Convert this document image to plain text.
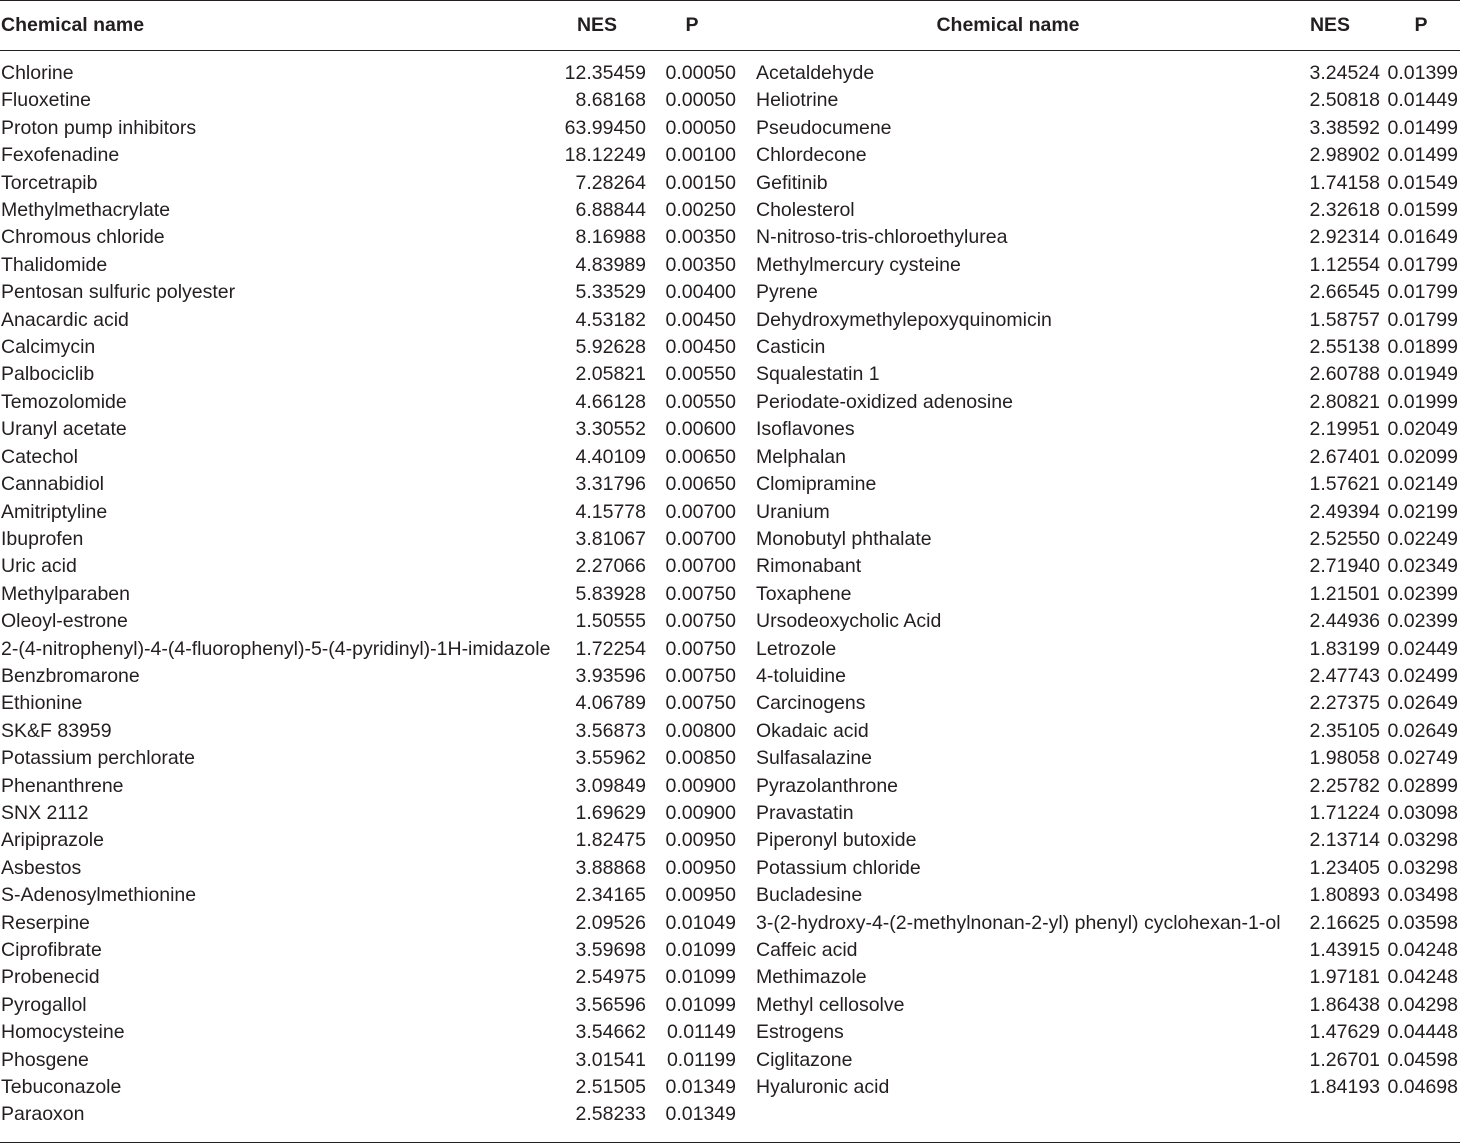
Chemical name	NES	P	Chemical name	NES	P
Chlorine	12.35459	0.00050	Acetaldehyde	3.24524	0.01399
Fluoxetine	8.68168	0.00050	Heliotrine	2.50818	0.01449
Proton pump inhibitors	63.99450	0.00050	Pseudocumene	3.38592	0.01499
Fexofenadine	18.12249	0.00100	Chlordecone	2.98902	0.01499
Torcetrapib	7.28264	0.00150	Gefitinib	1.74158	0.01549
Methylmethacrylate	6.88844	0.00250	Cholesterol	2.32618	0.01599
Chromous chloride	8.16988	0.00350	N-nitroso-tris-chloroethylurea	2.92314	0.01649
Thalidomide	4.83989	0.00350	Methylmercury cysteine	1.12554	0.01799
Pentosan sulfuric polyester	5.33529	0.00400	Pyrene	2.66545	0.01799
Anacardic acid	4.53182	0.00450	Dehydroxymethylepoxyquinomicin	1.58757	0.01799
Calcimycin	5.92628	0.00450	Casticin	2.55138	0.01899
Palbociclib	2.05821	0.00550	Squalestatin 1	2.60788	0.01949
Temozolomide	4.66128	0.00550	Periodate-oxidized adenosine	2.80821	0.01999
Uranyl acetate	3.30552	0.00600	Isoflavones	2.19951	0.02049
Catechol	4.40109	0.00650	Melphalan	2.67401	0.02099
Cannabidiol	3.31796	0.00650	Clomipramine	1.57621	0.02149
Amitriptyline	4.15778	0.00700	Uranium	2.49394	0.02199
Ibuprofen	3.81067	0.00700	Monobutyl phthalate	2.52550	0.02249
Uric acid	2.27066	0.00700	Rimonabant	2.71940	0.02349
Methylparaben	5.83928	0.00750	Toxaphene	1.21501	0.02399
Oleoyl-estrone	1.50555	0.00750	Ursodeoxycholic Acid	2.44936	0.02399
2-(4-nitrophenyl)-4-(4-fluorophenyl)-5-(4-pyridinyl)-1H-imidazole	1.72254	0.00750	Letrozole	1.83199	0.02449
Benzbromarone	3.93596	0.00750	4-toluidine	2.47743	0.02499
Ethionine	4.06789	0.00750	Carcinogens	2.27375	0.02649
SK&F 83959	3.56873	0.00800	Okadaic acid	2.35105	0.02649
Potassium perchlorate	3.55962	0.00850	Sulfasalazine	1.98058	0.02749
Phenanthrene	3.09849	0.00900	Pyrazolanthrone	2.25782	0.02899
SNX 2112	1.69629	0.00900	Pravastatin	1.71224	0.03098
Aripiprazole	1.82475	0.00950	Piperonyl butoxide	2.13714	0.03298
Asbestos	3.88868	0.00950	Potassium chloride	1.23405	0.03298
S-Adenosylmethionine	2.34165	0.00950	Bucladesine	1.80893	0.03498
Reserpine	2.09526	0.01049	3-(2-hydroxy-4-(2-methylnonan-2-yl) phenyl) cyclohexan-1-ol	2.16625	0.03598
Ciprofibrate	3.59698	0.01099	Caffeic acid	1.43915	0.04248
Probenecid	2.54975	0.01099	Methimazole	1.97181	0.04248
Pyrogallol	3.56596	0.01099	Methyl cellosolve	1.86438	0.04298
Homocysteine	3.54662	0.01149	Estrogens	1.47629	0.04448
Phosgene	3.01541	0.01199	Ciglitazone	1.26701	0.04598
Tebuconazole	2.51505	0.01349	Hyaluronic acid	1.84193	0.04698
Paraoxon	2.58233	0.01349			
